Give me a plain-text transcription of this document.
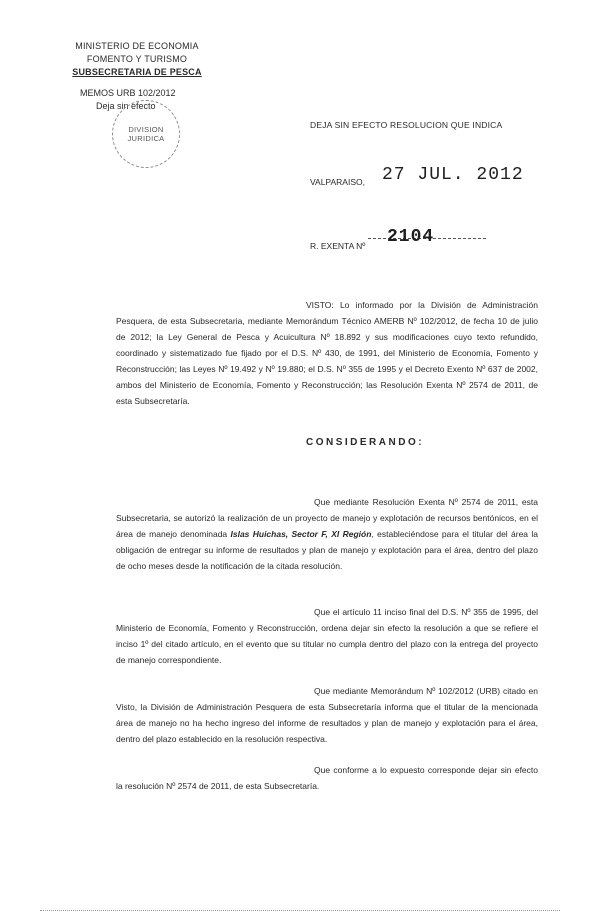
MINISTERIO DE ECONOMIA
FOMENTO Y TURISMO
SUBSECRETARIA DE PESCA
MEMOS URB 102/2012
Deja sin efecto
DIVISION
JURIDICA
DEJA SIN EFECTO RESOLUCION QUE INDICA
VALPARAISO, 27 JUL. 2012
R. EXENTA Nº 2104
VISTO: Lo informado por la División de Administración Pesquera, de esta Subsecretaria, mediante Memorándum Técnico AMERB Nº 102/2012, de fecha 10 de julio de 2012; la Ley General de Pesca y Acuicultura Nº 18.892 y sus modificaciones cuyo texto refundido, coordinado y sistematizado fue fijado por el D.S. Nº 430, de 1991, del Ministerio de Economía, Fomento y Reconstrucción; las Leyes Nº 19.492 y Nº 19.880; el D.S. Nº 355 de 1995 y el Decreto Exento Nº 637 de 2002, ambos del Ministerio de Economía, Fomento y Reconstrucción; las Resolución Exenta Nº 2574 de 2011, de esta Subsecretaría.
CONSIDERANDO:
Que mediante Resolución Exenta Nº 2574 de 2011, esta Subsecretaria, se autorizó la realización de un proyecto de manejo y explotación de recursos bentónicos, en el área de manejo denominada Islas Huichas, Sector F, XI Región, estableciéndose para el titular del área la obligación de entregar su informe de resultados y plan de manejo y explotación para el área, dentro del plazo de ocho meses desde la notificación de la citada resolución.
Que el artículo 11 inciso final del D.S. Nº 355 de 1995, del Ministerio de Economía, Fomento y Reconstrucción, ordena dejar sin efecto la resolución a que se refiere el inciso 1º del citado artículo, en el evento que su titular no cumpla dentro del plazo con la entrega del proyecto de manejo correspondiente.
Que mediante Memorándum Nº 102/2012 (URB) citado en Visto, la División de Administración Pesquera de esta Subsecretaría informa que el titular de la mencionada área de manejo no ha hecho ingreso del informe de resultados y plan de manejo y explotación para el área, dentro del plazo establecido en la resolución respectiva.
Que conforme a lo expuesto corresponde dejar sin efecto la resolución Nº 2574 de 2011, de esta Subsecretaría.
